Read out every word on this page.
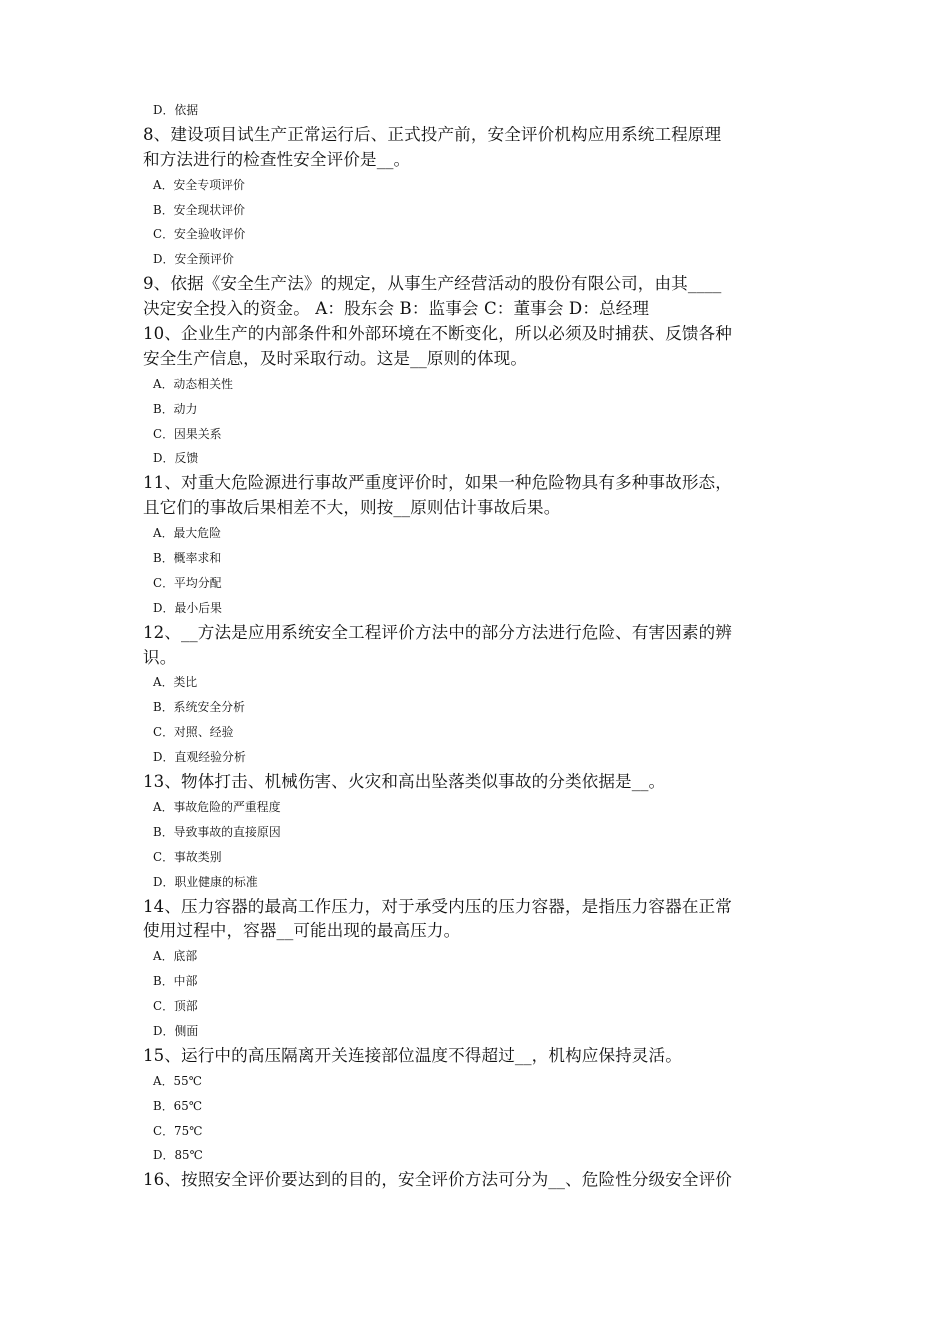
D．依据
8、建设项目试生产正常运行后、正式投产前，安全评价机构应用系统工程原理
和方法进行的检查性安全评价是__。
A．安全专项评价
B．安全现状评价
C．安全验收评价
D．安全预评价
9、依据《安全生产法》的规定，从事生产经营活动的股份有限公司，由其____
决定安全投入的资金。 A：股东会 B：监事会 C：董事会 D：总经理
10、企业生产的内部条件和外部环境在不断变化，所以必须及时捕获、反馈各种
安全生产信息，及时采取行动。这是__原则的体现。
A．动态相关性
B．动力
C．因果关系
D．反馈
11、对重大危险源进行事故严重度评价时，如果一种危险物具有多种事故形态，
且它们的事故后果相差不大，则按__原则估计事故后果。
A．最大危险
B．概率求和
C．平均分配
D．最小后果
12、__方法是应用系统安全工程评价方法中的部分方法进行危险、有害因素的辨
识。
A．类比
B．系统安全分析
C．对照、经验
D．直观经验分析
13、物体打击、机械伤害、火灾和高出坠落类似事故的分类依据是__。
A．事故危险的严重程度
B．导致事故的直接原因
C．事故类别
D．职业健康的标准
14、压力容器的最高工作压力，对于承受内压的压力容器，是指压力容器在正常
使用过程中，容器__可能出现的最高压力。
A．底部
B．中部
C．顶部
D．侧面
15、运行中的高压隔离开关连接部位温度不得超过__，机构应保持灵活。
A．55℃
B．65℃
C．75℃
D．85℃
16、按照安全评价要达到的目的，安全评价方法可分为__、危险性分级安全评价
